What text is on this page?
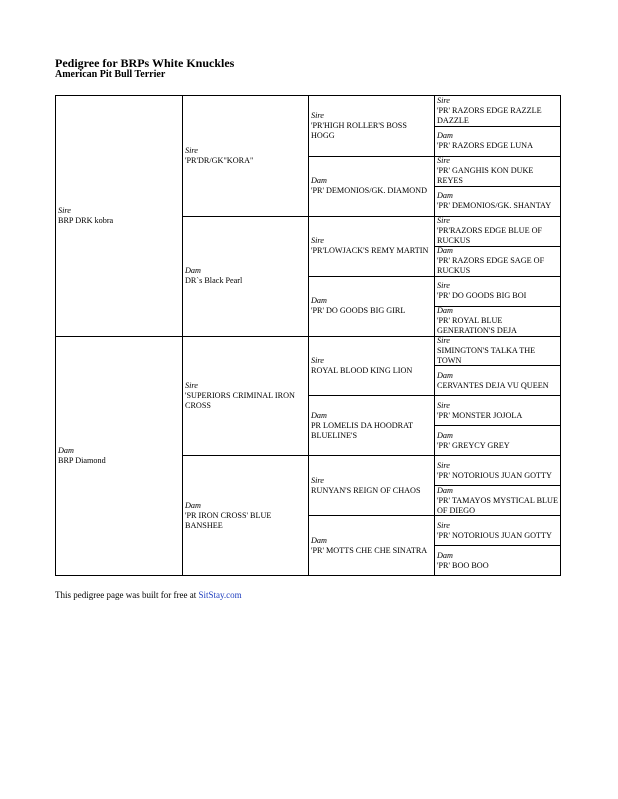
Pedigree for BRPs White Knuckles
American Pit Bull Terrier
Sire
BRP DRK kobra
Dam
BRP Diamond
Sire
'PR'DR/GK"KORA"
Dam
DR`s Black Pearl
Sire
'SUPERIORS CRIMINAL IRON CROSS
Dam
'PR IRON CROSS' BLUE BANSHEE
Sire
'PR'HIGH ROLLER'S BOSS HOGG
Dam
'PR' DEMONIOS/GK. DIAMOND
Sire
'PR'LOWJACK'S REMY MARTIN
Dam
'PR' DO GOODS BIG GIRL
Sire
ROYAL BLOOD KING LION
Dam
PR LOMELIS DA HOODRAT BLUELINE'S
Sire
RUNYAN'S REIGN OF CHAOS
Dam
'PR' MOTTS CHE CHE SINATRA
Sire
'PR' RAZORS EDGE RAZZLE DAZZLE
Dam
'PR' RAZORS EDGE LUNA
Sire
'PR' GANGHIS KON DUKE REYES
Dam
'PR' DEMONIOS/GK. SHANTAY
Sire
'PR'RAZORS EDGE BLUE OF RUCKUS
Dam
'PR' RAZORS EDGE SAGE OF RUCKUS
Sire
'PR' DO GOODS BIG BOI
Dam
'PR' ROYAL BLUE GENERATION'S DEJA
Sire
SIMINGTON'S TALKA THE TOWN
Dam
CERVANTES DEJA VU QUEEN
Sire
'PR' MONSTER JOJOLA
Dam
'PR' GREYCY GREY
Sire
'PR' NOTORIOUS JUAN GOTTY
Dam
'PR' TAMAYOS MYSTICAL BLUE OF DIEGO
Sire
'PR' NOTORIOUS JUAN GOTTY
Dam
'PR' BOO BOO

This pedigree page was built for free at SitStay.com
